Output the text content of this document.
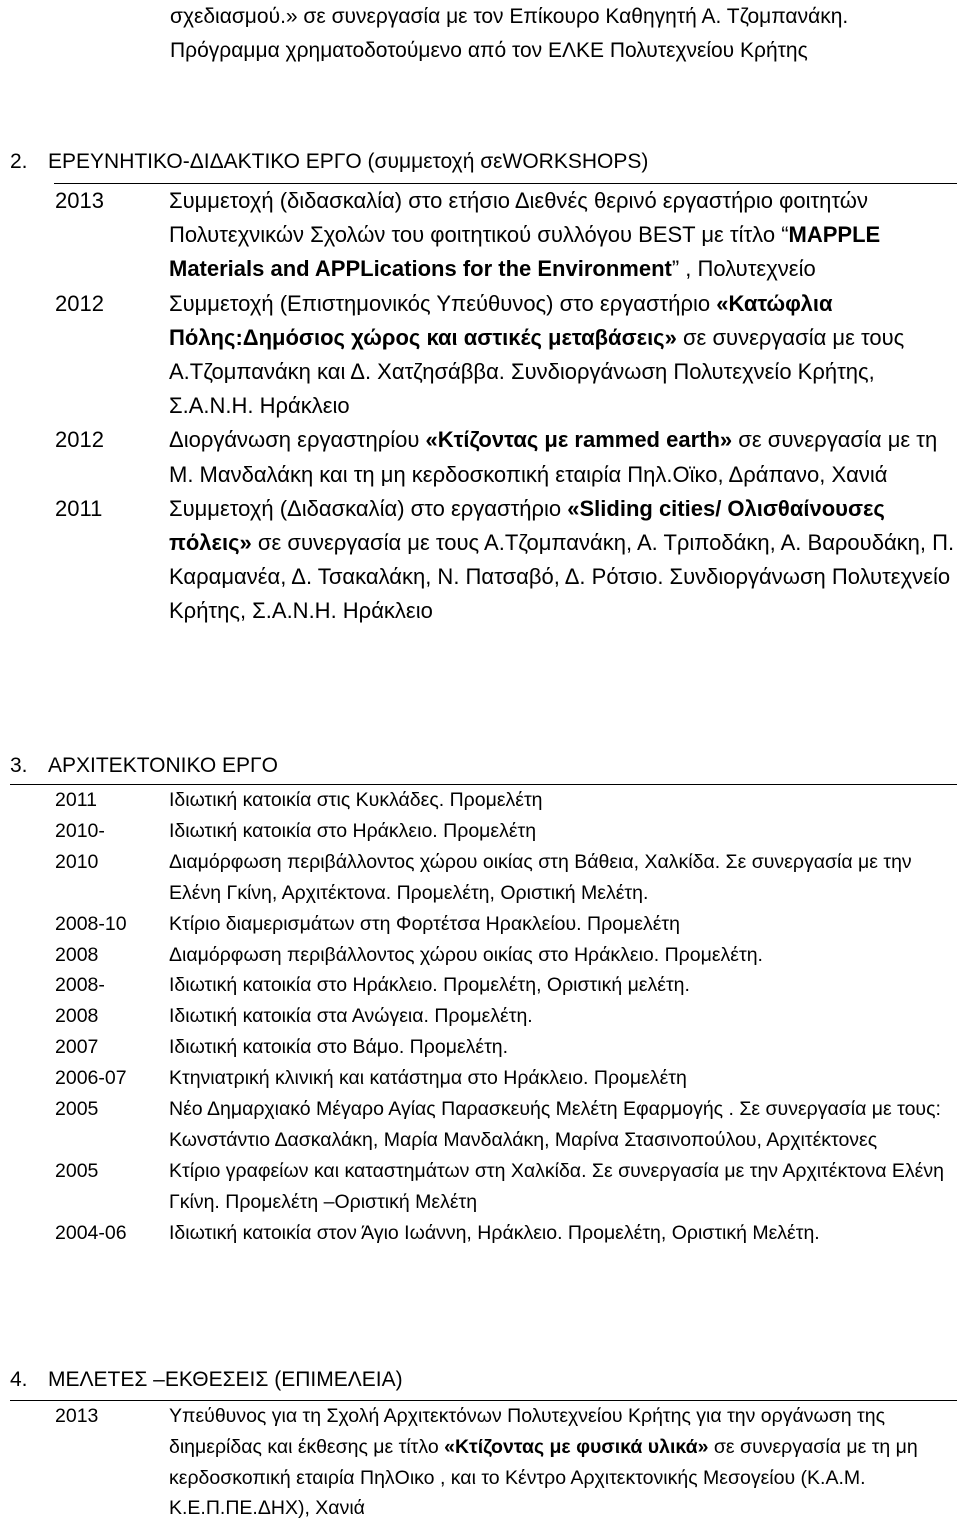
σχεδιασμού.» σε συνεργασία με τον Επίκουρο Καθηγητή Α. Τζομπανάκη.
Πρόγραμμα χρηματοδοτούμενο από τον ΕΛΚΕ Πολυτεχνείου Κρήτης
2. ΕΡΕΥΝΗΤΙΚΟ-ΔΙΔΑΚΤΙΚΟ ΕΡΓΟ (συμμετοχή σεWORKSHOPS)
2013	Συμμετοχή (διδασκαλία) στο ετήσιο Διεθνές θερινό εργαστήριο φοιτητών Πολυτεχνικών Σχολών του φοιτητικού συλλόγου BEST με τίτλο “MAPPLE Materials and APPLications for the Environment” , Πολυτεχνείο
2012	Συμμετοχή (Επιστημονικός Υπεύθυνος) στο εργαστήριο «Κατώφλια Πόλης:Δημόσιος χώρος και αστικές μεταβάσεις» σε συνεργασία με τους Α.Τζομπανάκη και Δ. Χατζησάββα. Συνδιοργάνωση Πολυτεχνείο Κρήτης, Σ.Α.Ν.Η. Ηράκλειο
2012	Διοργάνωση εργαστηρίου «Κτίζοντας με rammed earth» σε συνεργασία με τη Μ. Μανδαλάκη και τη μη κερδοσκοπική εταιρία Πηλ.Οϊκο, Δράπανο, Χανιά
2011	Συμμετοχή (Διδασκαλία) στο εργαστήριο «Sliding cities/ Ολισθαίνουσες πόλεις» σε συνεργασία με τους Α.Τζομπανάκη, Α. Τριποδάκη, Α. Βαρουδάκη, Π. Καραμανέα, Δ. Τσακαλάκη, Ν. Πατσαβό, Δ. Ρότσιο. Συνδιοργάνωση Πολυτεχνείο Κρήτης, Σ.Α.Ν.Η. Ηράκλειο
3. ΑΡΧΙΤΕΚΤΟΝΙΚΟ ΕΡΓΟ
2011	Ιδιωτική κατοικία στις Κυκλάδες. Προμελέτη
2010-	Ιδιωτική κατοικία στο Ηράκλειο. Προμελέτη
2010	Διαμόρφωση περιβάλλοντος χώρου οικίας στη Βάθεια, Χαλκίδα. Σε συνεργασία με την Ελένη Γκίνη, Αρχιτέκτονα. Προμελέτη, Οριστική Μελέτη.
2008-10 Κτίριο διαμερισμάτων στη Φορτέτσα Ηρακλείου. Προμελέτη
2008	Διαμόρφωση περιβάλλοντος χώρου οικίας στο Ηράκλειο. Προμελέτη.
2008-	Ιδιωτική κατοικία στο Ηράκλειο. Προμελέτη, Οριστική μελέτη.
2008	Ιδιωτική κατοικία στα Ανώγεια. Προμελέτη.
2007	Ιδιωτική κατοικία στο Βάμο. Προμελέτη.
2006-07 Κτηνιατρική κλινική και κατάστημα στο Ηράκλειο. Προμελέτη
2005	Νέο Δημαρχιακό Μέγαρο Αγίας Παρασκευής Μελέτη Εφαρμογής . Σε συνεργασία με τους: Κωνστάντιο Δασκαλάκη, Μαρία Μανδαλάκη, Μαρίνα Στασινοπούλου, Αρχιτέκτονες
2005	Κτίριο γραφείων και καταστημάτων στη Χαλκίδα. Σε συνεργασία με την Αρχιτέκτονα Ελένη Γκίνη. Προμελέτη –Οριστική Μελέτη
2004-06 Ιδιωτική κατοικία στον Άγιο Ιωάννη, Ηράκλειο. Προμελέτη, Οριστική Μελέτη.
4. ΜΕΛΕΤΕΣ –ΕΚΘΕΣΕΙΣ (ΕΠΙΜΕΛΕΙΑ)
2013	Υπεύθυνος για τη Σχολή Αρχιτεκτόνων Πολυτεχνείου Κρήτης για την οργάνωση της διημερίδας και έκθεσης με τίτλο «Κτίζοντας με φυσικά υλικά» σε συνεργασία με τη μη κερδοσκοπική εταιρία ΠηλΟικο , και το Κέντρο Αρχιτεκτονικής Μεσογείου (Κ.Α.Μ. Κ.Ε.Π.ΠΕ.ΔΗΧ), Χανιά
